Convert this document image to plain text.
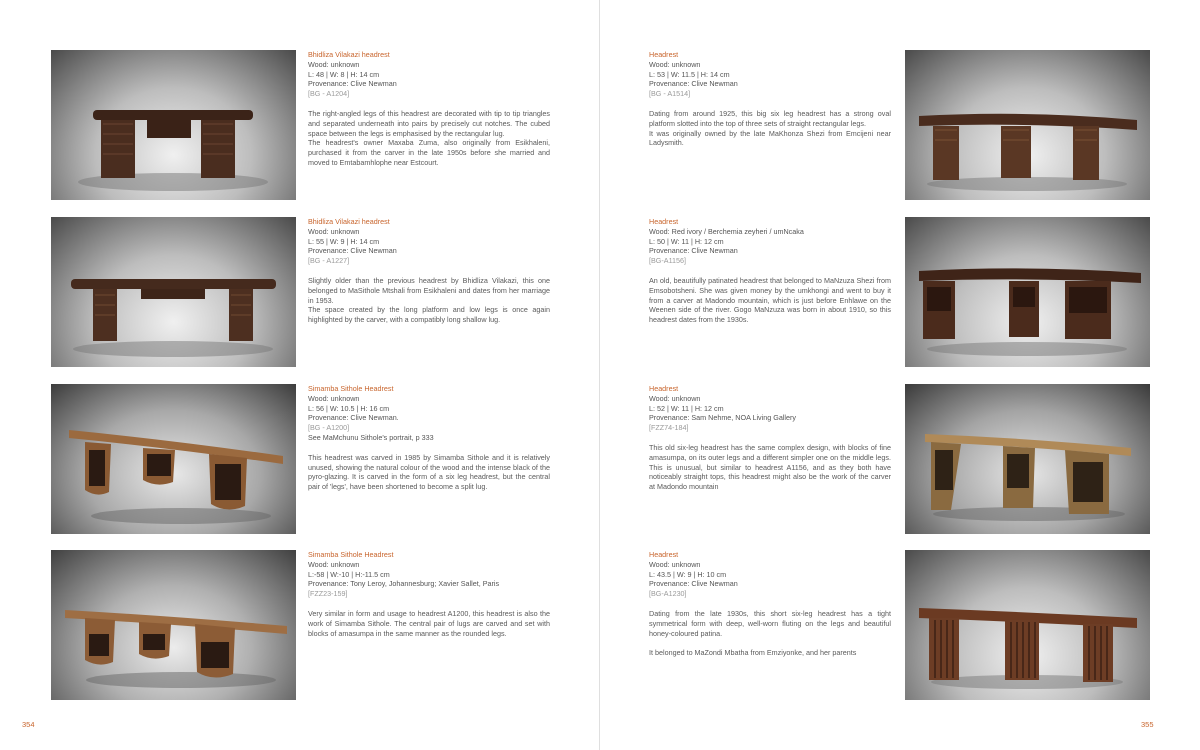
Bhidliza Vilakazi headrest
Wood: unknown
L: 48 | W: 8 | H: 14 cm
Provenance: Clive Newman
[BG - A1204]

The right-angled legs of this headrest are decorated with tip to tip triangles and separated underneath into pairs by precisely cut notches. The cubed space between the legs is emphasised by the rectangular lug.

The headrest's owner Maxaba Zuma, also originally from Esikhaleni, purchased it from the carver in the late 1950s before she married and moved to Emtabamhlophe near Estcourt.

Bhidliza Vilakazi headrest
Wood: unknown
L: 55 | W: 9 | H: 14 cm
Provenance: Clive Newman
[BG - A1227]

Slightly older than the previous headrest by Bhidliza Vilakazi, this one belonged to MaSithole Mtshali from Esikhaleni and dates from her marriage in 1953.

The space created by the long platform and low legs is once again highlighted by the carver, with a compatibly long shallow lug.

Simamba Sithole Headrest
Wood: unknown
L: 56 | W: 10.5 | H: 16 cm
Provenance: Clive Newman.
[BG - A1200]
See MaMchunu Sithole's portrait, p 333

This headrest was carved in 1985 by Simamba Sithole and it is relatively unused, showing the natural colour of the wood and the intense black of the pyro-glazing. It is carved in the form of a six leg headrest, but the central pair of 'legs', have been shortened to become a split lug.

Simamba Sithole Headrest
Wood: unknown
L:-58 | W:-10 | H:-11.5 cm
Provenance: Tony Leroy, Johannesburg; Xavier Sallet, Paris
[FZZ23-159]

Very similar in form and usage to headrest A1200, this headrest is also the work of Simamba Sithole. The central pair of lugs are carved and set with blocks of amasumpa in the same manner as the rounded legs.

354
Headrest
Wood: unknown
L: 53 | W: 11.5 | H: 14 cm
Provenance: Clive Newman
[BG - A1514]

Dating from around 1925, this big six leg headrest has a strong oval platform slotted into the top of three sets of straight rectangular legs.

It was originally owned by the late MaKhonza Shezi from Emcijeni near Ladysmith.

Headrest
Wood: Red ivory / Berchemia zeyheri / umNcaka
L: 50 | W: 11 | H: 12 cm
Provenance: Clive Newman
[BG-A1156]

An old, beautifully patinated headrest that belonged to MaNzuza Shezi from Emsobotsheni. She was given money by the umkhongi and went to buy it from a carver at Madondo mountain, which is just before Enhlawe on the Weenen side of the river. Gogo MaNzuza was born in about 1910, so this headrest dates from the 1930s.

Headrest
Wood: unknown
L: 52 | W: 11 | H: 12 cm
Provenance: Sam Nehme, NOA Living Gallery
[FZZ74-184]

This old six-leg headrest has the same complex design, with blocks of fine amasumpa, on its outer legs and a different simpler one on the middle legs. This is unusual, but similar to headrest A1156, and as they both have noticeably straight tops, this headrest might also be the work of the carver at Madondo mountain

Headrest
Wood: unknown
L: 43.5 | W: 9 | H: 10 cm
Provenance: Clive Newman
[BG-A1230]

Dating from the late 1930s, this short six-leg headrest has a tight symmetrical form with deep, well-worn fluting on the legs and beautiful honey-coloured patina.

It belonged to MaZondi Mbatha from Emziyonke, and her parents

355
